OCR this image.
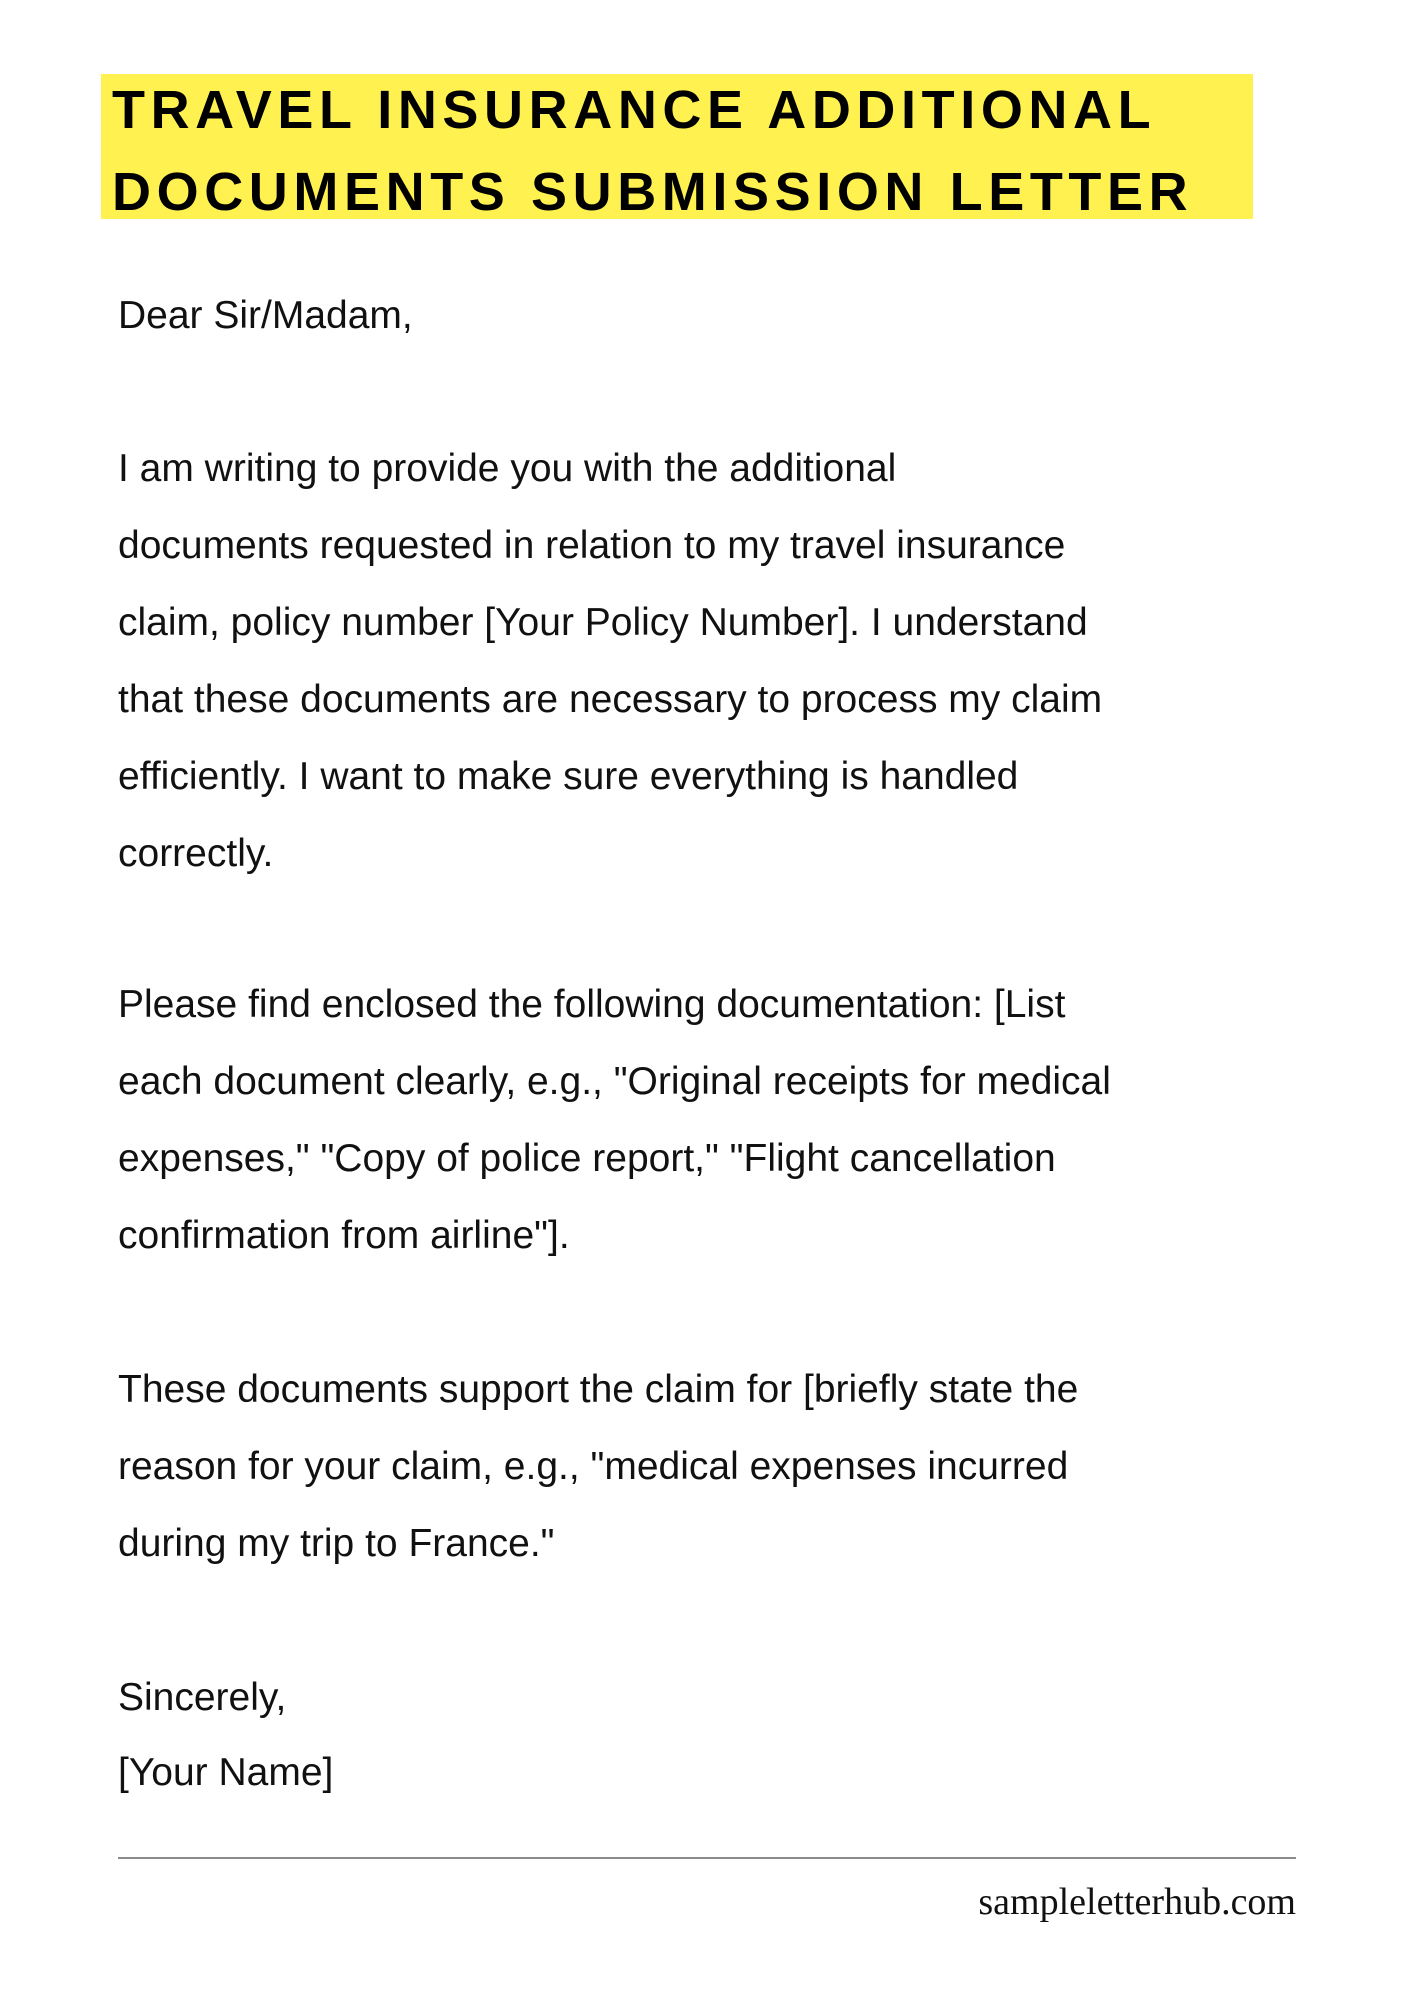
TRAVEL INSURANCE ADDITIONAL
DOCUMENTS SUBMISSION LETTER
Dear Sir/Madam,
I am writing to provide you with the additional
documents requested in relation to my travel insurance
claim, policy number [Your Policy Number]. I understand
that these documents are necessary to process my claim
efficiently. I want to make sure everything is handled
correctly.
Please find enclosed the following documentation: [List
each document clearly, e.g., "Original receipts for medical
expenses," "Copy of police report," "Flight cancellation
confirmation from airline"].
These documents support the claim for [briefly state the
reason for your claim, e.g., "medical expenses incurred
during my trip to France."
Sincerely,
[Your Name]
sampleletterhub.com
